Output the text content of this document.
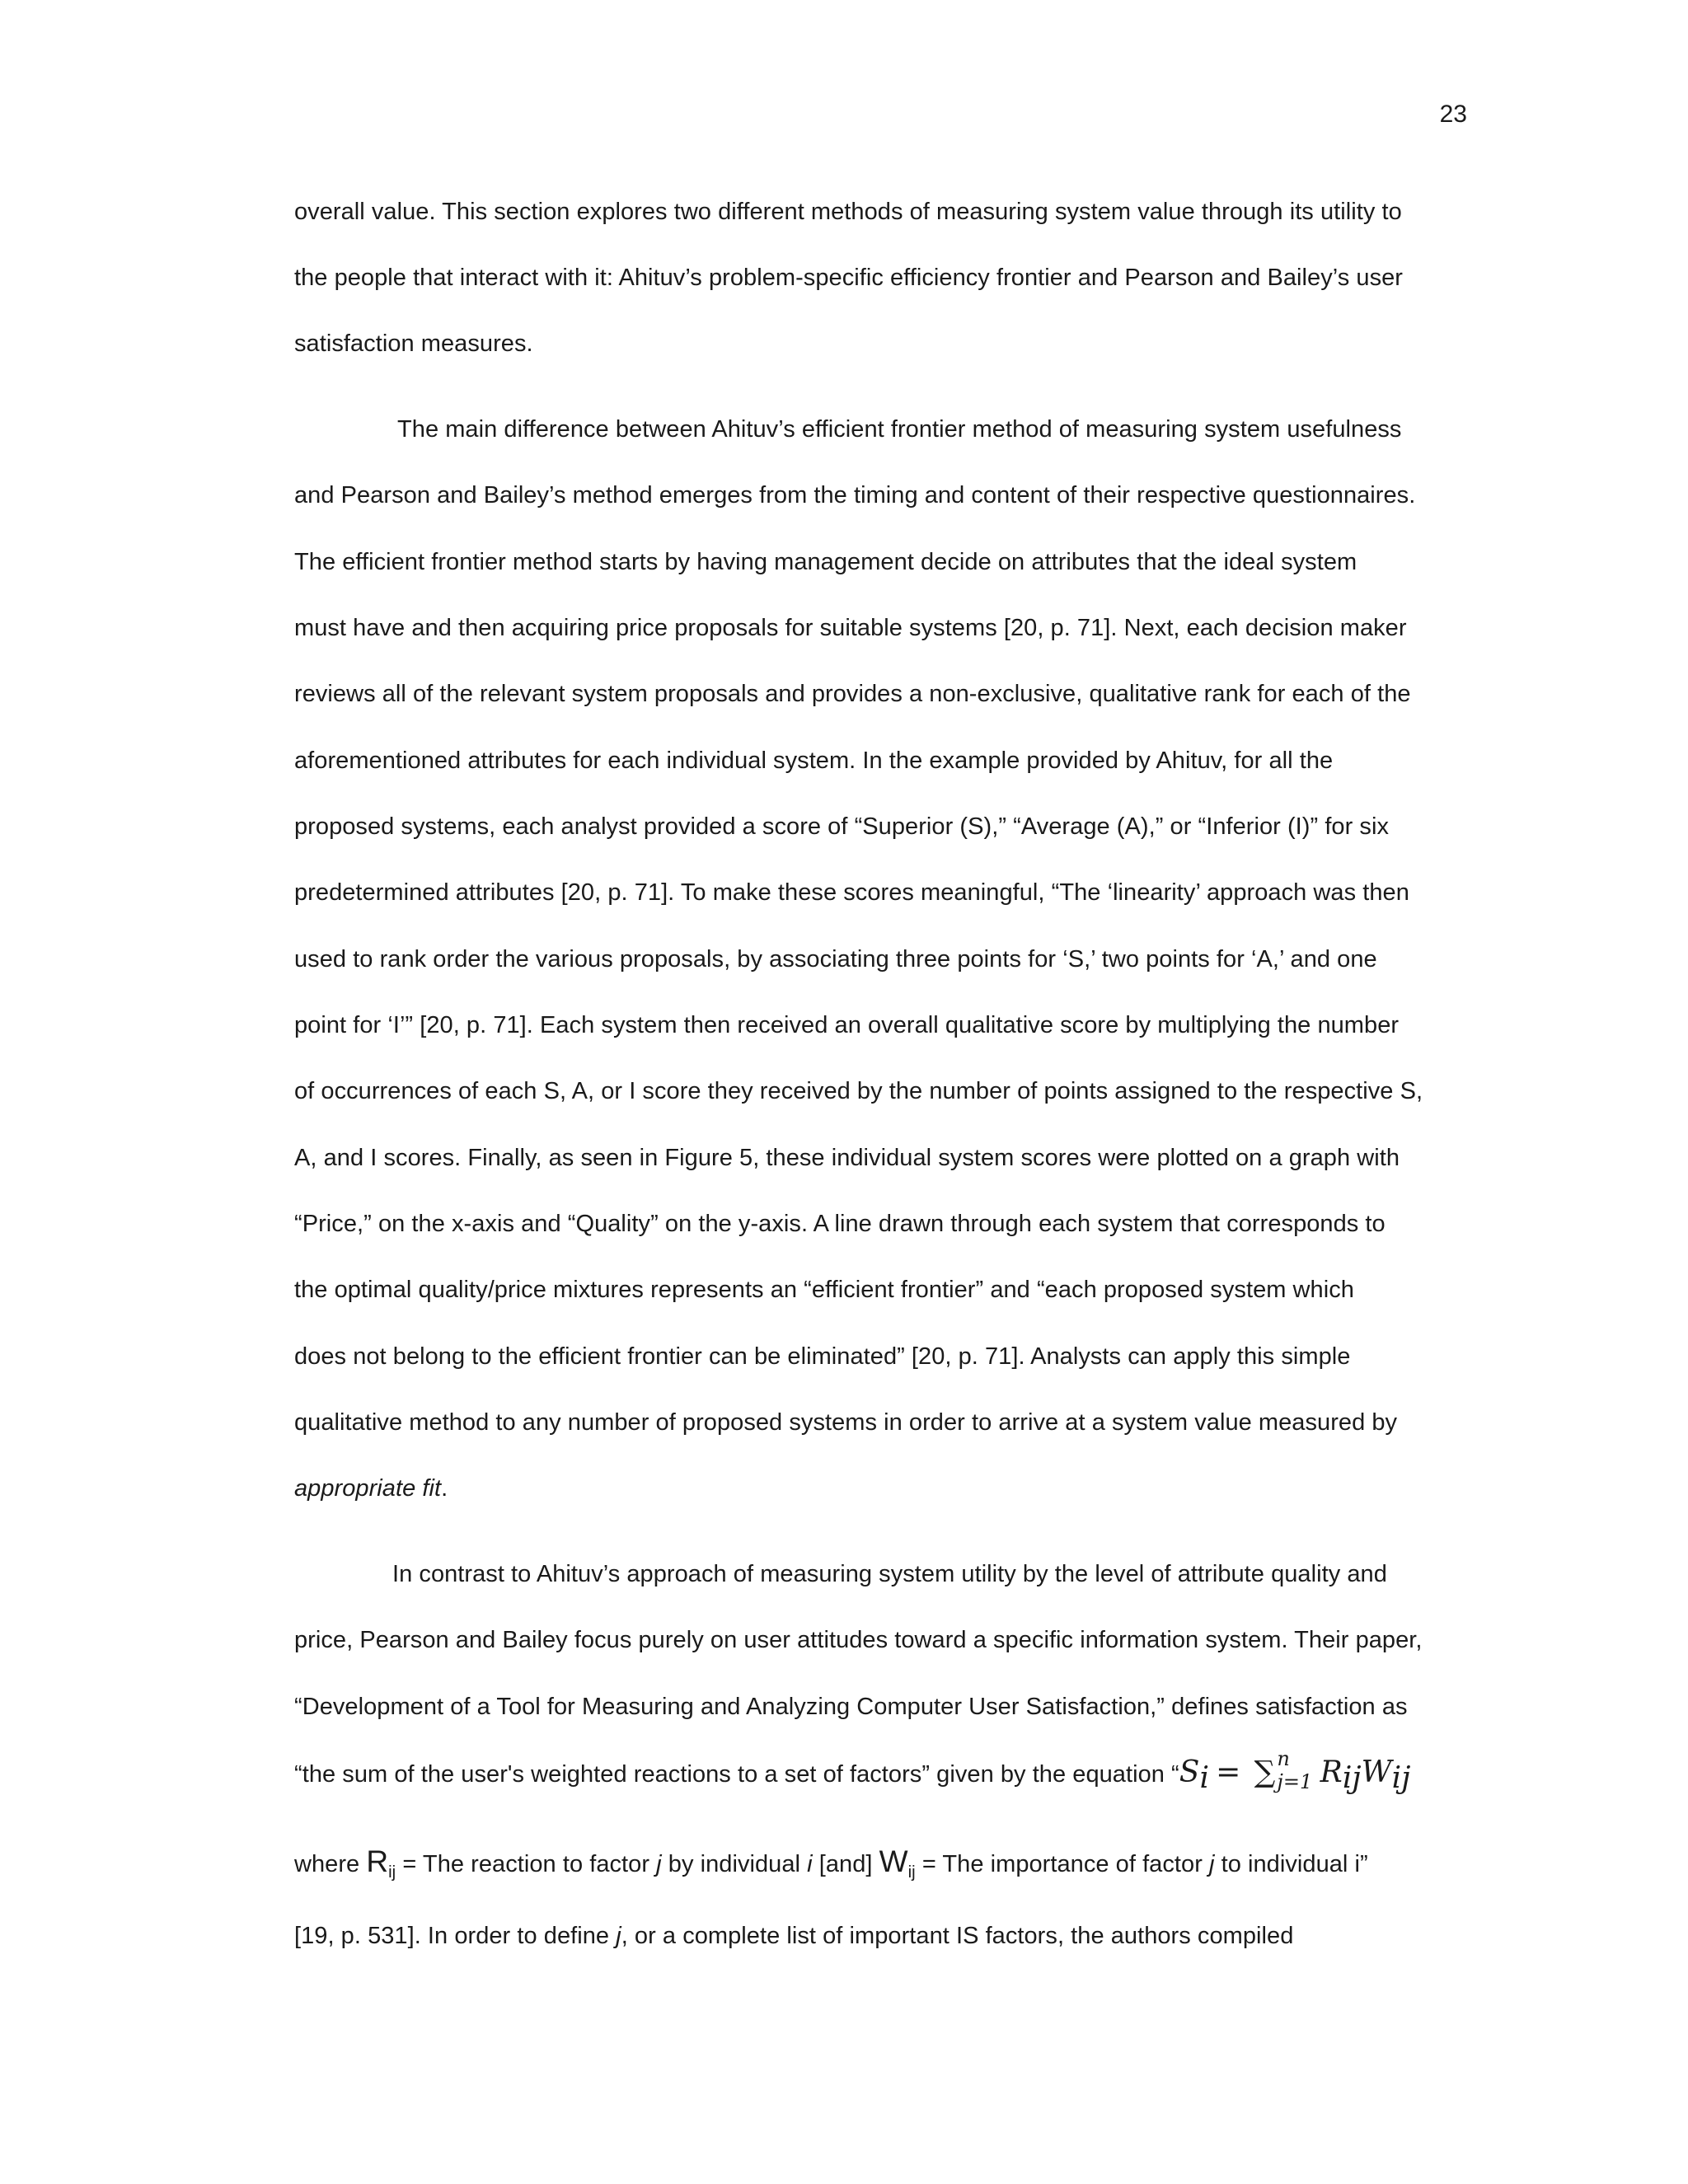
23
overall value. This section explores two different methods of measuring system value through its utility to
the people that interact with it: Ahituv’s problem-specific efficiency frontier and Pearson and Bailey’s user
satisfaction measures.
The main difference between Ahituv’s efficient frontier method of measuring system usefulness
and Pearson and Bailey’s method emerges from the timing and content of their respective questionnaires.
The efficient frontier method starts by having management decide on attributes that the ideal system
must have and then acquiring price proposals for suitable systems [20, p. 71]. Next, each decision maker
reviews all of the relevant system proposals and provides a non-exclusive, qualitative rank for each of the
aforementioned attributes for each individual system. In the example provided by Ahituv, for all the
proposed systems, each analyst provided a score of “Superior (S),” “Average (A),” or “Inferior (I)” for six
predetermined attributes [20, p. 71]. To make these scores meaningful, “The ‘linearity’ approach was then
used to rank order the various proposals, by associating three points for ‘S,’ two points for ‘A,’ and one
point for ‘I’” [20, p. 71]. Each system then received an overall qualitative score by multiplying the number
of occurrences of each S, A, or I score they received by the number of points assigned to the respective S,
A, and I scores. Finally, as seen in Figure 5, these individual system scores were plotted on a graph with
“Price,” on the x-axis and “Quality” on the y-axis. A line drawn through each system that corresponds to
the optimal quality/price mixtures represents an “efficient frontier” and “each proposed system which
does not belong to the efficient frontier can be eliminated” [20, p. 71]. Analysts can apply this simple
qualitative method to any number of proposed systems in order to arrive at a system value measured by
appropriate fit.
In contrast to Ahituv’s approach of measuring system utility by the level of attribute quality and
price, Pearson and Bailey focus purely on user attitudes toward a specific information system. Their paper,
“Development of a Tool for Measuring and Analyzing Computer User Satisfaction,” defines satisfaction as
“the sum of the user's weighted reactions to a set of factors” given by the equation “$S_i$ = ∑ n
j=1 $R_{ij}W_{ij}$
where $R_{ij}$ = The reaction to factor j by individual i [and] $W_{ij}$ = The importance of factor j to individual i”
[19, p. 531]. In order to define j, or a complete list of important IS factors, the authors compiled
